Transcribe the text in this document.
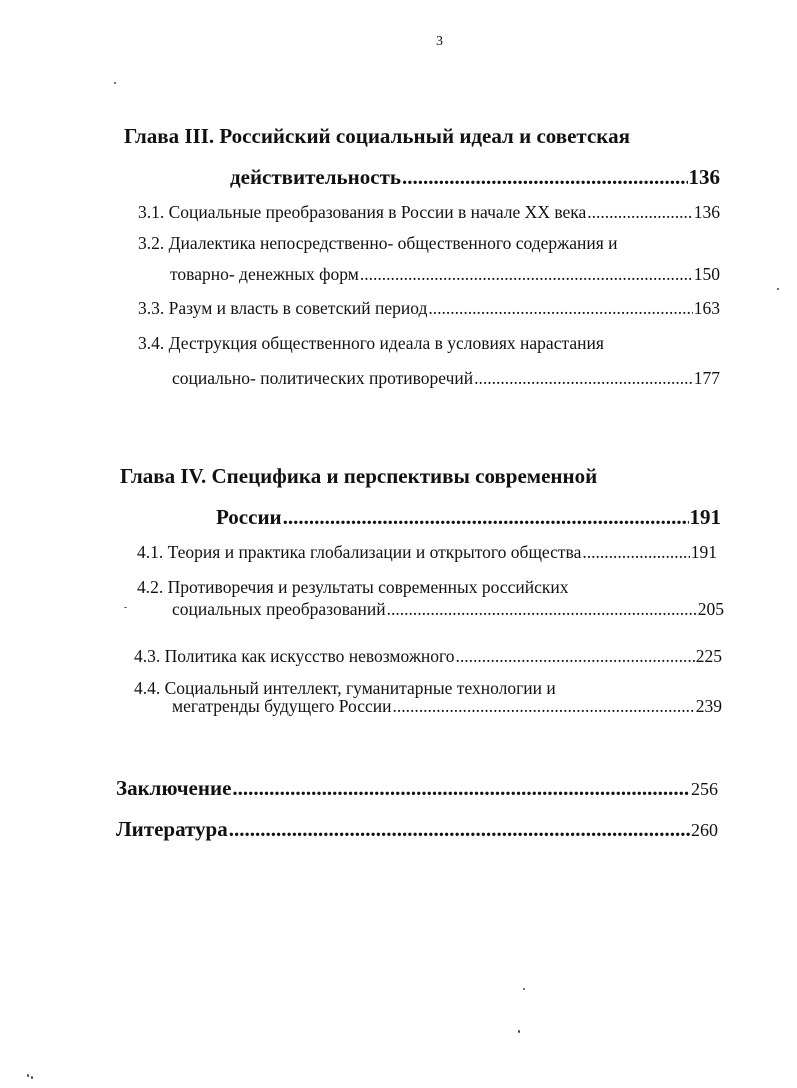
3
Глава III. Российский социальный идеал и советская
действительность .....	136
3.1. Социальные преобразования в России в начале XX века .....	136
3.2. Диалектика непосредственно- общественного содержания и
товарно- денежных форм .....	150
3.3. Разум и власть в советский период .....	163
3.4. Деструкция общественного идеала в условиях нарастания
социально- политических противоречий .....	177
Глава IV. Специфика и перспективы современной
России .....	191
4.1. Теория и практика глобализации и открытого общества .....	191
4.2. Противоречия и результаты современных российских
социальных преобразований .....	205
4.3. Политика как искусство невозможного .....	225
4.4. Социальный интеллект, гуманитарные технологии и
мегатренды будущего России .....	239
Заключение .....	256
Литература .....	260
